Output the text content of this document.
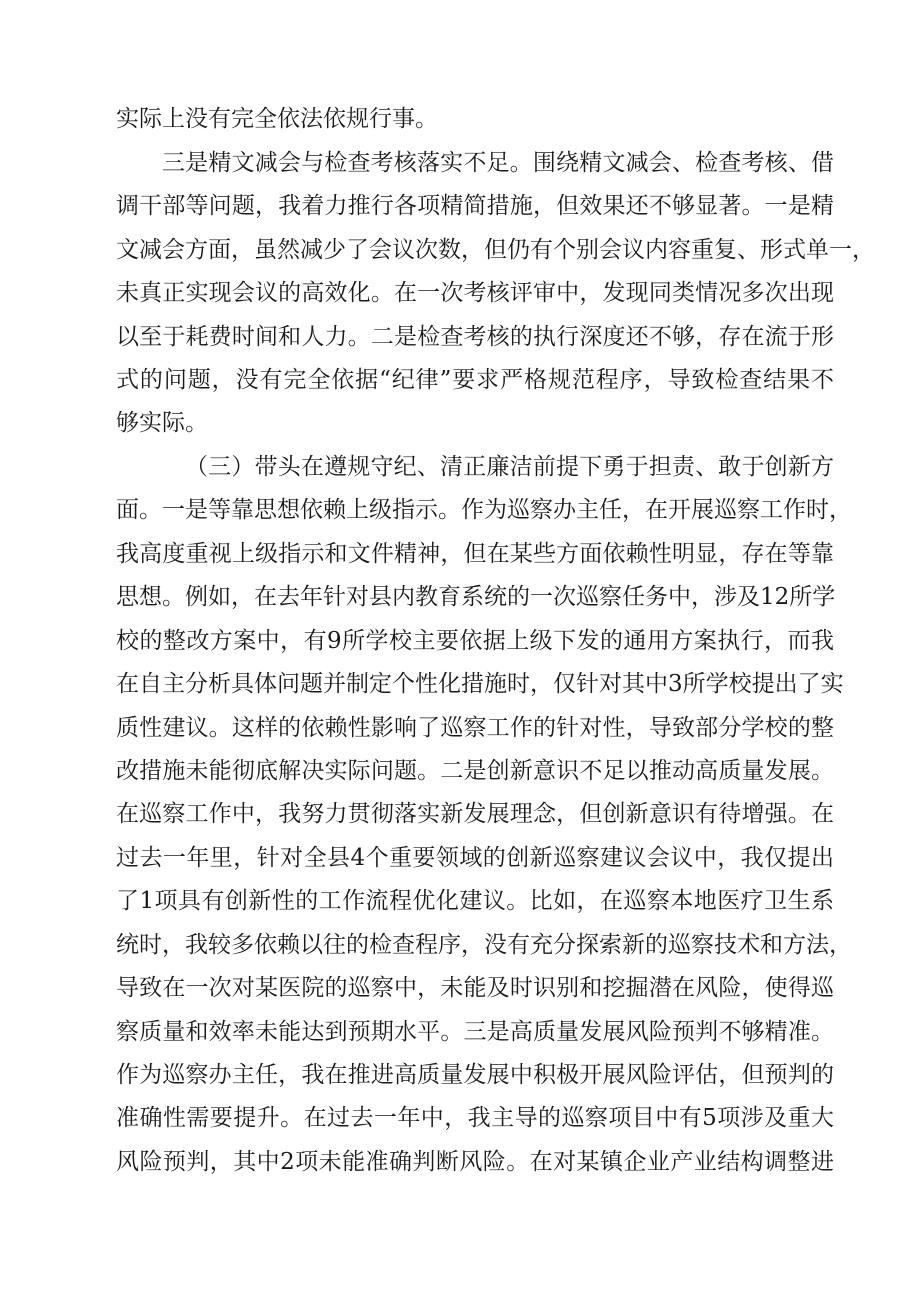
实际上没有完全依法依规行事。
三是精文减会与检查考核落实不足。围绕精文减会、检查考核、借
调干部等问题，我着力推行各项精简措施，但效果还不够显著。一是精
文减会方面，虽然减少了会议次数，但仍有个别会议内容重复、形式单一，
未真正实现会议的高效化。在一次考核评审中，发现同类情况多次出现
以至于耗费时间和人力。二是检查考核的执行深度还不够，存在流于形
式的问题，没有完全依据“纪律”要求严格规范程序，导致检查结果不
够实际。
（三）带头在遵规守纪、清正廉洁前提下勇于担责、敢于创新方
面。一是等靠思想依赖上级指示。作为巡察办主任，在开展巡察工作时，
我高度重视上级指示和文件精神，但在某些方面依赖性明显，存在等靠
思想。例如，在去年针对县内教育系统的一次巡察任务中，涉及12所学
校的整改方案中，有9所学校主要依据上级下发的通用方案执行，而我
在自主分析具体问题并制定个性化措施时，仅针对其中3所学校提出了实
质性建议。这样的依赖性影响了巡察工作的针对性，导致部分学校的整
改措施未能彻底解决实际问题。二是创新意识不足以推动高质量发展。
在巡察工作中，我努力贯彻落实新发展理念，但创新意识有待增强。在
过去一年里，针对全县4个重要领域的创新巡察建议会议中，我仅提出
了1项具有创新性的工作流程优化建议。比如，在巡察本地医疗卫生系
统时，我较多依赖以往的检查程序，没有充分探索新的巡察技术和方法，
导致在一次对某医院的巡察中，未能及时识别和挖掘潜在风险，使得巡
察质量和效率未能达到预期水平。三是高质量发展风险预判不够精准。
作为巡察办主任，我在推进高质量发展中积极开展风险评估，但预判的
准确性需要提升。在过去一年中，我主导的巡察项目中有5项涉及重大
风险预判，其中2项未能准确判断风险。在对某镇企业产业结构调整进
